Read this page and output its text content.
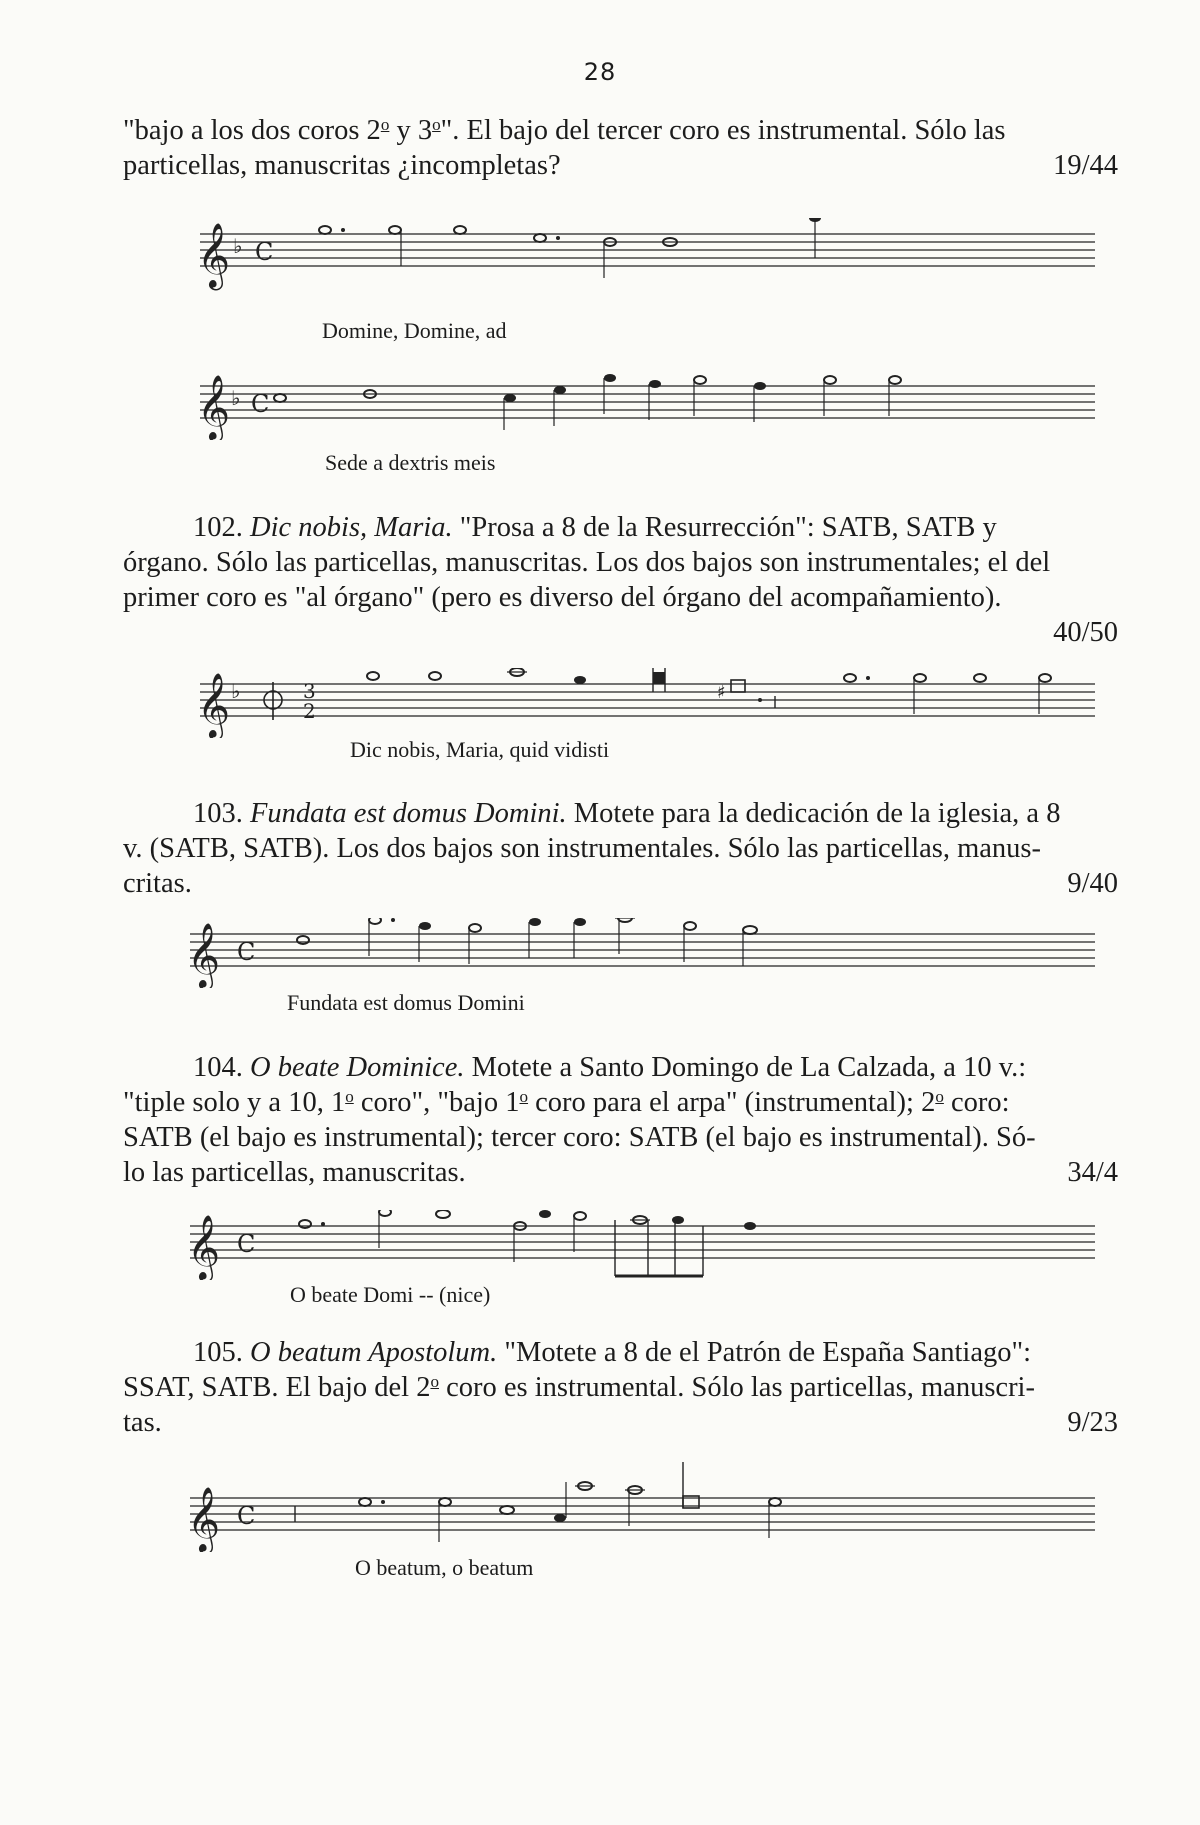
28
"bajo a los dos coros 2$^o$ y 3$^o$". El bajo del tercer coro es instrumental. Sólo las
particellas, manuscritas ¿incompletas?	19/44
𝄞 ♭ C
Domine, Domine, ad
𝄞 ♭ C
Sede a dextris meis
102. Dic nobis, Maria. "Prosa a 8 de la Resurrección": SATB, SATB y
órgano. Sólo las particellas, manuscritas. Los dos bajos son instrumentales; el del
primer coro es "al órgano" (pero es diverso del órgano del acompañamiento).
40/50

𝄞 ♭	3
2
♯
Dic nobis, Maria, quid vidisti
103. Fundata est domus Domini. Motete para la dedicación de la iglesia, a 8
v. (SATB, SATB). Los dos bajos son instrumentales. Sólo las particellas, manus-
critas.	9/40
𝄞 C
Fundata est domus Domini
104. O beate Dominice. Motete a Santo Domingo de La Calzada, a 10 v.:
"tiple solo y a 10, 1$^o$ coro", "bajo 1$^o$ coro para el arpa" (instrumental); 2$^o$ coro:
SATB (el bajo es instrumental); tercer coro: SATB (el bajo es instrumental). Só-
lo las particellas, manuscritas.	34/4
𝄞 C
O beate Domi -- (nice)
105. O beatum Apostolum. "Motete a 8 de el Patrón de España Santiago":
SSAT, SATB. El bajo del 2$^o$ coro es instrumental. Sólo las particellas, manuscri-
tas.	9/23
𝄞 C
O beatum, o beatum
